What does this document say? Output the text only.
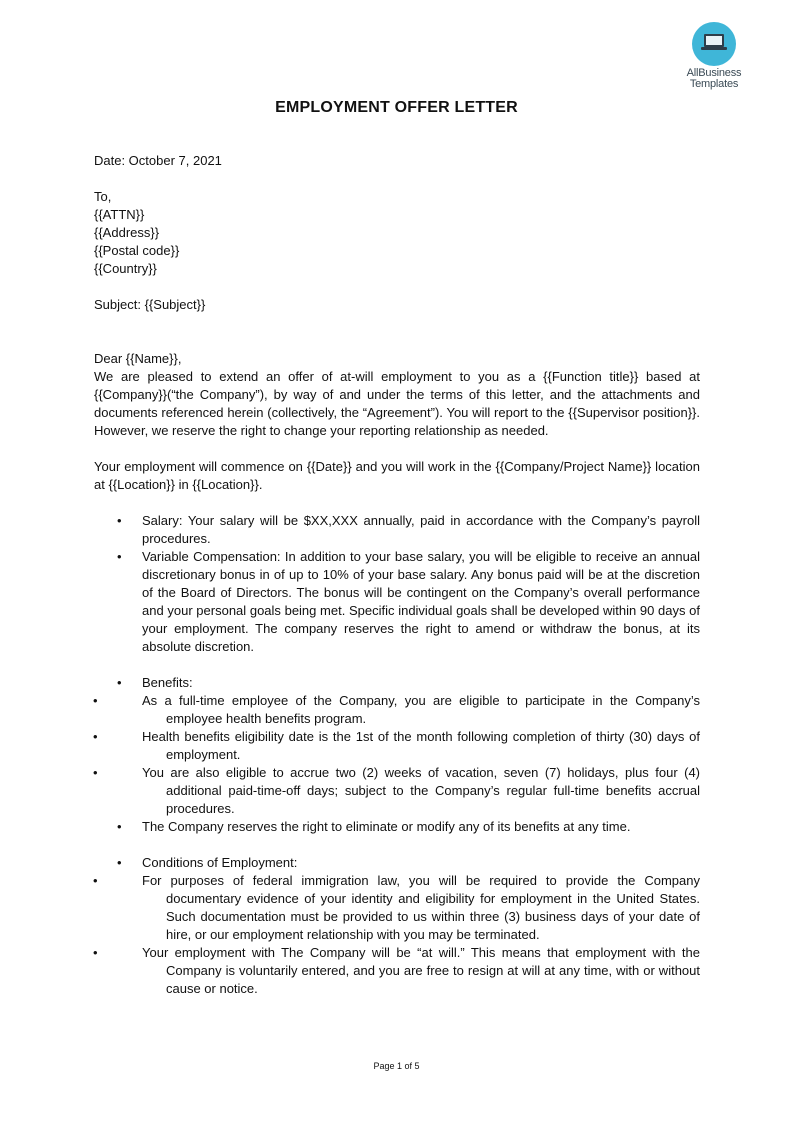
AllBusiness
Templates
EMPLOYMENT OFFER LETTER

Date: October 7, 2021

To,
{{ATTN}}
{{Address}}
{{Postal code}}
{{Country}}

Subject: {{Subject}}

Dear {{Name}},

We are pleased to extend an offer of at-will employment to you as a {{Function title}} based at {{Company}}(“the Company”), by way of and under the terms of this letter, and the attachments and documents referenced herein (collectively, the “Agreement”). You will report to the {{Supervisor position}}. However, we reserve the right to change your reporting relationship as needed.

Your employment will commence on {{Date}} and you will work in the {{Company/Project Name}} location at {{Location}} in {{Location}}.

• Salary: Your salary will be $XX,XXX annually, paid in accordance with the Company’s payroll procedures.
• Variable Compensation: In addition to your base salary, you will be eligible to receive an annual discretionary bonus in of up to 10% of your base salary. Any bonus paid will be at the discretion of the Board of Directors. The bonus will be contingent on the Company’s overall performance and your personal goals being met. Specific individual goals shall be developed within 90 days of your employment. The company reserves the right to amend or withdraw the bonus, at its absolute discretion.
• Benefits:
•	As a full-time employee of the Company, you are eligible to participate in the Company’s employee health benefits program.
•	Health benefits eligibility date is the 1st of the month following completion of thirty (30) days of employment.
•	You are also eligible to accrue two (2) weeks of vacation, seven (7) holidays, plus four (4) additional paid-time-off days; subject to the Company’s regular full-time benefits accrual procedures.
• The Company reserves the right to eliminate or modify any of its benefits at any time.
• Conditions of Employment:
•	For purposes of federal immigration law, you will be required to provide the Company documentary evidence of your identity and eligibility for employment in the United States. Such documentation must be provided to us within three (3) business days of your date of hire, or our employment relationship with you may be terminated.
•	Your employment with The Company will be “at will.” This means that employment with the Company is voluntarily entered, and you are free to resign at will at any time, with or without cause or notice.
Page 1 of 5
